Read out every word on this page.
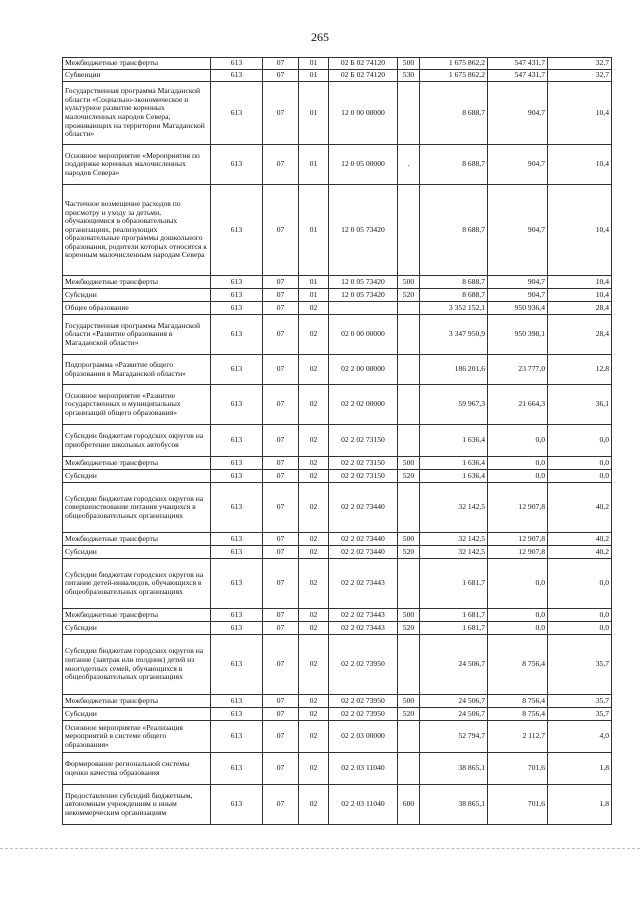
265
Межбюджетные трансферты	613	07	01	02 Б 02 74120	500	1 675 862,2	547 431,7	32,7
Субвенции	613	07	01	02 Б 02 74120	530	1 675 862,2	547 431,7	32,7
Государственная программа Магаданской области «Социально-экономическое и культурное развитие коренных малочисленных народов Севера, проживающих на территории Магаданской области»	613	07	01	12 0 00 00000		8 688,7	904,7	10,4
Основное мероприятие «Мероприятия по поддержке коренных малочисленных народов Севера»	613	07	01	12 0 05 00000	.	8 688,7	904,7	10,4
Частичное возмещение расходов по присмотру и уходу за детьми, обучающимися в образовательных организациях, реализующих образовательные программы дошкольного образования, родители которых относятся к коренным малочисленным народам Севера	613	07	01	12 0 05 73420		8 688,7	904,7	10,4
Межбюджетные трансферты	613	07	01	12 0 05 73420	500	8 688,7	904,7	10,4
Субсидии	613	07	01	12 0 05 73420	520	8 688,7	904,7	10,4
Общее образование	613	07	02			3 352 152,1	950 936,4	28,4
Государственная программа Магаданской области «Развитие образования в Магаданской области»	613	07	02	02 0 00 00000		3 347 950,9	950 398,1	28,4
Подпрограмма «Развитие общего образования в Магаданской области»	613	07	02	02 2 00 00000		186 201,6	23 777,0	12,8
Основное мероприятие «Развитие государственных и муниципальных организаций общего образования»	613	07	02	02 2 02 00000		59 967,3	21 664,3	36,1
Субсидии бюджетам городских округов на приобретение школьных автобусов	613	07	02	02 2 02 73150		1 636,4	0,0	0,0
Межбюджетные трансферты	613	07	02	02 2 02 73150	500	1 636,4	0,0	0,0
Субсидии	613	07	02	02 2 02 73150	520	1 636,4	0,0	0,0
Субсидии бюджетам городских округов на совершенствование питания учащихся в общеобразовательных организациях	613	07	02	02 2 02 73440		32 142,5	12 907,8	40,2
Межбюджетные трансферты	613	07	02	02 2 02 73440	500	32 142,5	12 907,8	40,2
Субсидии	613	07	02	02 2 02 73440	520	32 142,5	12 907,8	40,2
Субсидии бюджетам городских округов на питание детей-инвалидов, обучающихся в общеобразовательных организациях	613	07	02	02 2 02 73443		1 681,7	0,0	0,0
Межбюджетные трансферты	613	07	02	02 2 02 73443	500	1 681,7	0,0	0,0
Субсидии	613	07	02	02 2 02 73443	520	1 681,7	0,0	0,0
Субсидии бюджетам городских округов на питание (завтрак или полдник) детей из многодетных семей, обучающихся в общеобразовательных организациях	613	07	02	02 2 02 73950		24 506,7	8 756,4	35,7
Межбюджетные трансферты	613	07	02	02 2 02 73950	500	24 506,7	8 756,4	35,7
Субсидии	613	07	02	02 2 02 73950	520	24 506,7	8 756,4	35,7
Основное мероприятие «Реализация мероприятий в системе общего образования»	613	07	02	02 2 03 00000		52 794,7	2 112,7	4,0
Формирование региональной системы оценки качества образования	613	07	02	02 2 03 11040		38 865,1	701,6	1,8
Предоставление субсидий бюджетным, автономным учреждениям и иным некоммерческим организациям	613	07	02	02 2 03 11040	600	38 865,1	701,6	1,8
